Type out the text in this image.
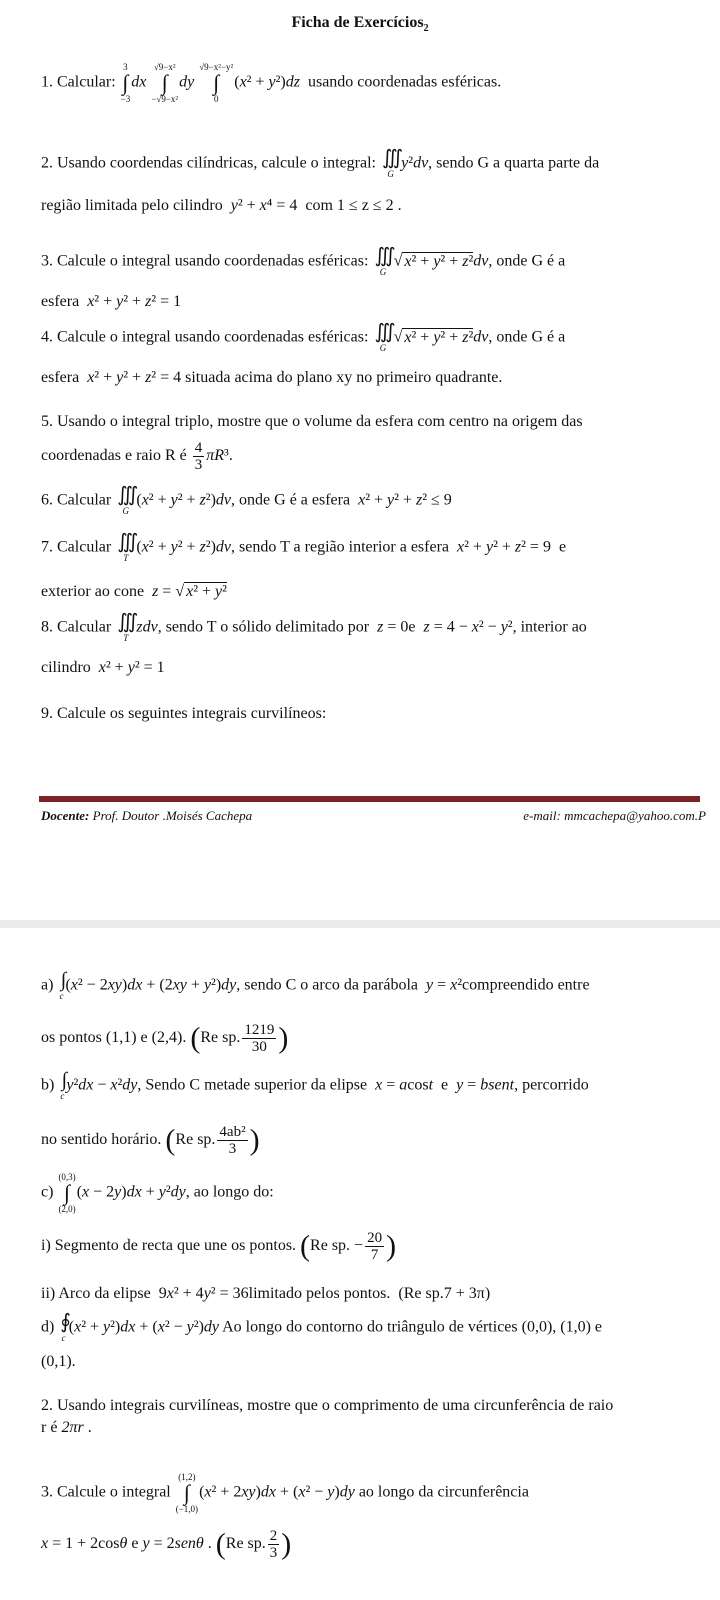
Ficha de Exercícios$_2$
1. Calcular:
3
∫
−3
dx
√9−x²
∫
−√9−x²
dy
√9−x²−y²
∫
0
(x² + y²)dz usando coordenadas esféricas.
2. Usando coordendas cilíndricas, calcule o integral: ∭
G
y²dv, sendo G a quarta parte da
região limitada pelo cilindro y² + x⁴ = 4  com 1 ≤ z ≤ 2 .
3. Calcule o integral usando coordenadas esféricas: ∭
G
√ x² + y² + z²dv, onde G é a
esfera x² + y² + z² = 1
4. Calcule o integral usando coordenadas esféricas: ∭
G
√ x² + y² + z²dv, onde G é a
esfera x² + y² + z² = 4 situada acima do plano xy no primeiro quadrante.
5. Usando o integral triplo, mostre que o volume da esfera com centro na origem das
coordenadas e raio R é $\frac{4}{3} \pi R^3$.
6. Calcular ∭
G
(x² + y² + z²)dv, onde G é a esfera x² + y² + z² ≤ 9
7. Calcular ∭
T
(x² + y² + z²)dv, sendo T a região interior a esfera x² + y² + z² = 9  e
exterior ao cone z = √ x² + y²
8. Calcular ∭
T
zdv, sendo T o sólido delimitado por z = 0e z = 4 − x² − y², interior ao
cilindro x² + y² = 1
9. Calcule os seguintes integrais curvilíneos:
Docente: Prof. Doutor .Moisés Cachepa	e-mail: mmcachepa@yahoo.com.P
a) ∫
c
(x² − 2xy)dx + (2xy + y²)dy, sendo C o arco da parábola y = x²compreendido entre
os pontos (1,1) e (2,4). (Re sp. $\frac{1219}{30}$ )
b) ∫
c
y²dx − x²dy, Sendo C metade superior da elipse x = acost e y = bsent, percorrido
no sentido horário. (Re sp. $\frac{\text{4ab²}}{3}$ )
c)
(0,3)
∫
(2,0)
(x − 2y)dx + y²dy, ao longo do:
i) Segmento de recta que une os pontos. (Re sp. − $\frac{20}{7}$ )
ii) Arco da elipse  9x² + 4y² = 36limitado pelos pontos. (Re sp.7 + 3π)
d) ∮
c
(x² + y²)dx + (x² − y²)dy Ao longo do contorno do triângulo de vértices (0,0), (1,0) e
(0,1).
2. Usando integrais curvilíneas, mostre que o comprimento de uma circunferência de raio
r é 2πr .
3. Calcule o integral
(1,2)
∫
(−1,0)
(x² + 2xy)dx + (x² − y)dy ao longo da circunferência
x = 1 + 2cosθ e y = 2senθ . (Re sp. $\frac{2}{3}$ )
